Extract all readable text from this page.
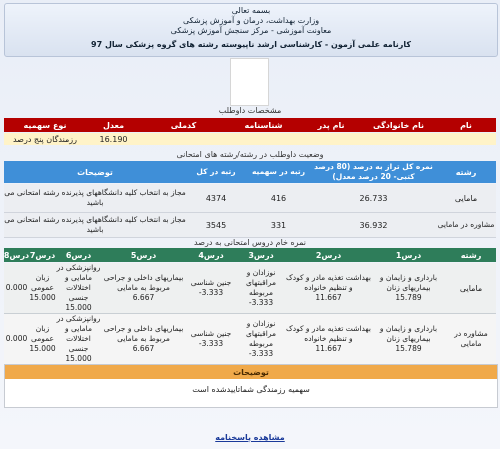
بسمه تعالی
وزارت بهداشت، درمان و آموزش پزشکی
معاونت آموزشی - مرکز سنجش آموزش پزشکی
کارنامه علمی آزمون - کارشناسی ارشد ناپیوسته رشته های گروه پزشکی سال 97
مشخصات داوطلب
نام
نام خانوادگی
نام پدر
شناسنامه
کدملی
معدل
نوع سهمیه
16.190
رزمندگان پنج درصد
وضعیت داوطلب در رشته/رشته های امتحانی
رشته
نمره کل تراز به درصد (80 درصد کتبی- 20 درصد معدل)
رتبه در سهمیه
رتبه در کل
توضیحات
مامایی
26.733
416
4374
مجاز به انتخاب کلیه دانشگاههای پذیرنده رشته امتحانی می باشید
مشاوره در مامایی
36.932
331
3545
مجاز به انتخاب کلیه دانشگاههای پذیرنده رشته امتحانی می باشید
نمره خام دروس امتحانی به درصد
رشته
درس1
درس2
درس3
درس4
درس5
درس6
درس7
درس8
مامایی
بارداری و زایمان و بیماریهای زنان
15.789
بهداشت تغذیه مادر و کودک و تنظیم خانواده
11.667
نوزادان و مراقبتهای مربوطه
3.333-
جنین شناسی
3.333-
بیماریهای داخلی و جراحی مربوط به مامایی
6.667
روانپزشکی در مامایی و اختلالات جنسی
15.000
زبان عمومی
15.000
0.000
مشاوره در مامایی
بارداری و زایمان و بیماریهای زنان
15.789
بهداشت تغذیه مادر و کودک و تنظیم خانواده
11.667
نوزادان و مراقبتهای مربوطه
3.333-
جنین شناسی
3.333-
بیماریهای داخلی و جراحی مربوط به مامایی
6.667
روانپزشکی در مامایی و اختلالات جنسی
15.000
زبان عمومی
15.000
0.000
توضیحات
سهمیه رزمندگی شماتاییدشده است
مشاهده پاسخنامه
